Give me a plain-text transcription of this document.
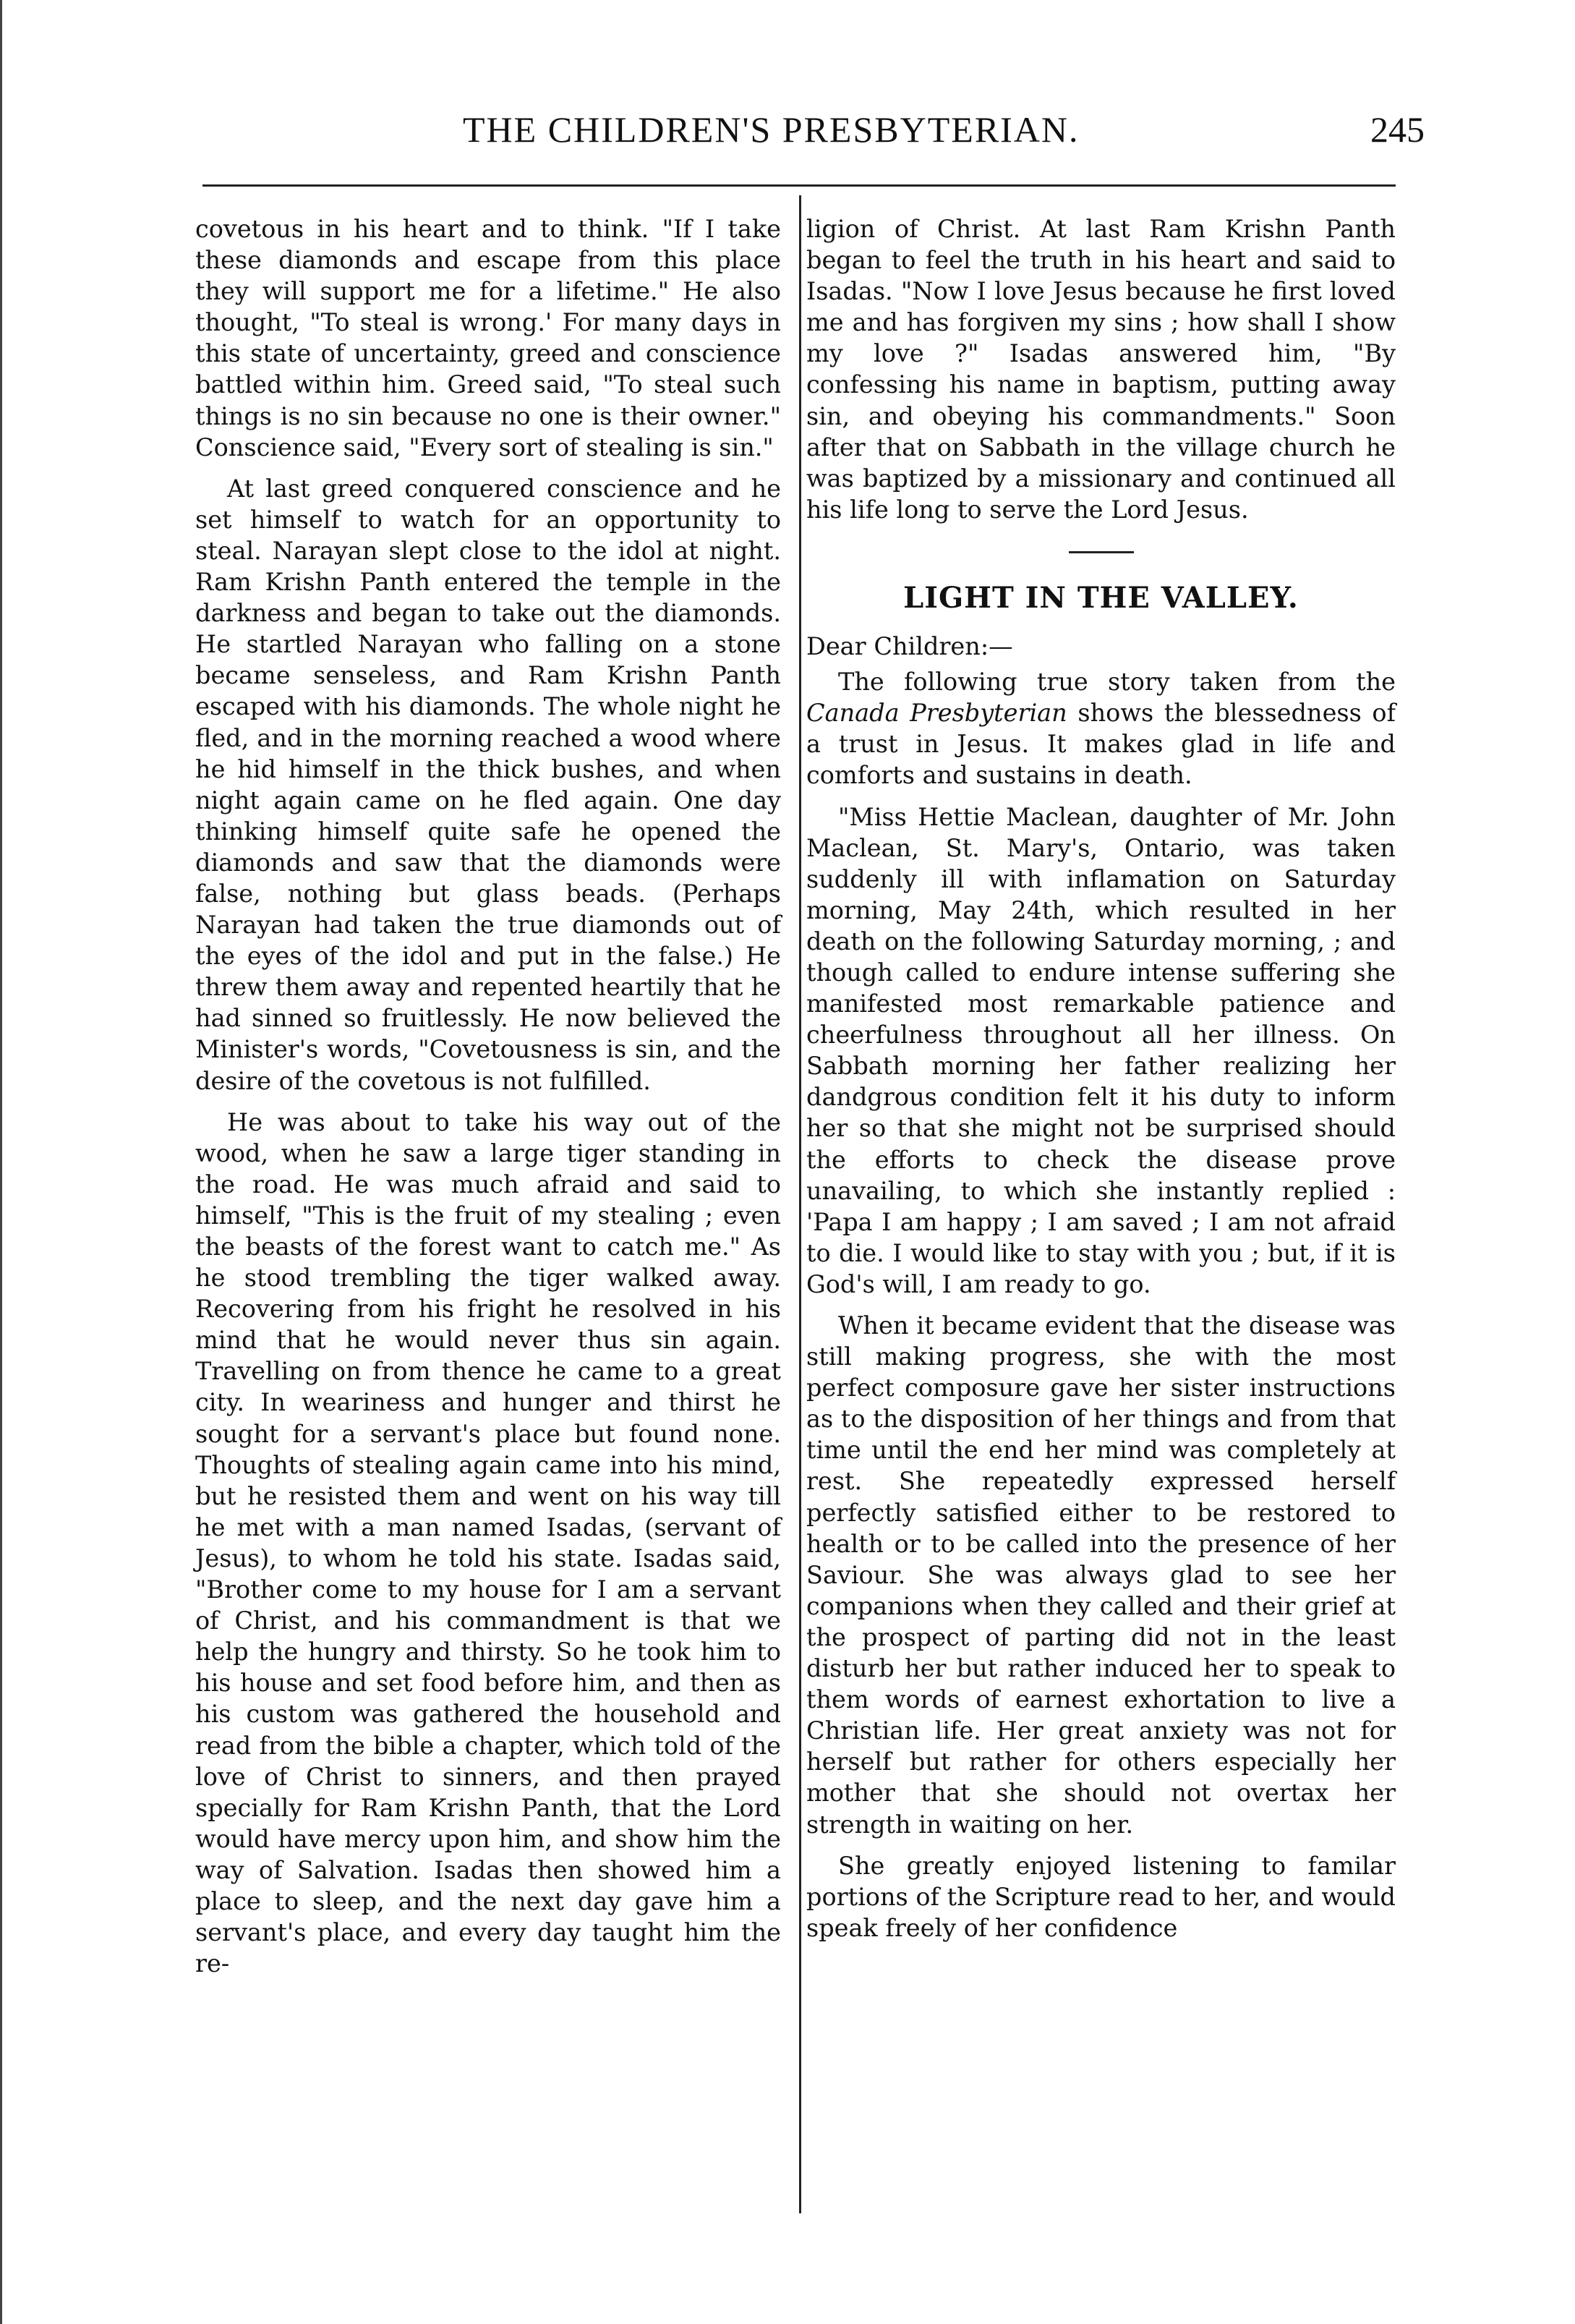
THE CHILDREN'S PRESBYTERIAN.	245

covetous in his heart and to think. "If I take these diamonds and escape from this place they will support me for a lifetime." He also thought, "To steal is wrong.' For many days in this state of uncertainty, greed and conscience battled within him. Greed said, "To steal such things is no sin because no one is their owner." Conscience said, "Every sort of stealing is sin."

At last greed conquered conscience and he set himself to watch for an opportunity to steal. Narayan slept close to the idol at night. Ram Krishn Panth entered the temple in the darkness and began to take out the diamonds. He startled Narayan who falling on a stone became senseless, and Ram Krishn Panth escaped with his diamonds. The whole night he fled, and in the morning reached a wood where he hid himself in the thick bushes, and when night again came on he fled again. One day thinking himself quite safe he opened the diamonds and saw that the diamonds were false, nothing but glass beads. (Perhaps Narayan had taken the true diamonds out of the eyes of the idol and put in the false.) He threw them away and repented heartily that he had sinned so fruitlessly. He now believed the Minister's words, "Covetousness is sin, and the desire of the covetous is not fulfilled.

He was about to take his way out of the wood, when he saw a large tiger standing in the road. He was much afraid and said to himself, "This is the fruit of my stealing ; even the beasts of the forest want to catch me." As he stood trembling the tiger walked away. Recovering from his fright he resolved in his mind that he would never thus sin again. Travelling on from thence he came to a great city. In weariness and hunger and thirst he sought for a servant's place but found none. Thoughts of stealing again came into his mind, but he resisted them and went on his way till he met with a man named Isadas, (servant of Jesus), to whom he told his state. Isadas said, "Brother come to my house for I am a servant of Christ, and his commandment is that we help the hungry and thirsty. So he took him to his house and set food before him, and then as his custom was gathered the household and read from the bible a chapter, which told of the love of Christ to sinners, and then prayed specially for Ram Krishn Panth, that the Lord would have mercy upon him, and show him the way of Salvation. Isadas then showed him a place to sleep, and the next day gave him a servant's place, and every day taught him the re-

ligion of Christ. At last Ram Krishn Panth began to feel the truth in his heart and said to Isadas. "Now I love Jesus because he first loved me and has forgiven my sins ; how shall I show my love ?" Isadas answered him, "By confessing his name in baptism, putting away sin, and obeying his commandments." Soon after that on Sabbath in the village church he was baptized by a missionary and continued all his life long to serve the Lord Jesus.

LIGHT IN THE VALLEY.

Dear Children:—

The following true story taken from the Canada Presbyterian shows the blessedness of a trust in Jesus. It makes glad in life and comforts and sustains in death.

"Miss Hettie Maclean, daughter of Mr. John Maclean, St. Mary's, Ontario, was taken suddenly ill with inflamation on Saturday morning, May 24th, which resulted in her death on the following Saturday morning, ; and though called to endure intense suffering she manifested most remarkable patience and cheerfulness throughout all her illness. On Sabbath morning her father realizing her dandgrous condition felt it his duty to inform her so that she might not be surprised should the efforts to check the disease prove unavailing, to which she instantly replied : 'Papa I am happy ; I am saved ; I am not afraid to die. I would like to stay with you ; but, if it is God's will, I am ready to go.

When it became evident that the disease was still making progress, she with the most perfect composure gave her sister instructions as to the disposition of her things and from that time until the end her mind was completely at rest. She repeatedly expressed herself perfectly satisfied either to be restored to health or to be called into the presence of her Saviour. She was always glad to see her companions when they called and their grief at the prospect of parting did not in the least disturb her but rather induced her to speak to them words of earnest exhortation to live a Christian life. Her great anxiety was not for herself but rather for others especially her mother that she should not overtax her strength in waiting on her.

She greatly enjoyed listening to familar portions of the Scripture read to her, and would speak freely of her confidence
